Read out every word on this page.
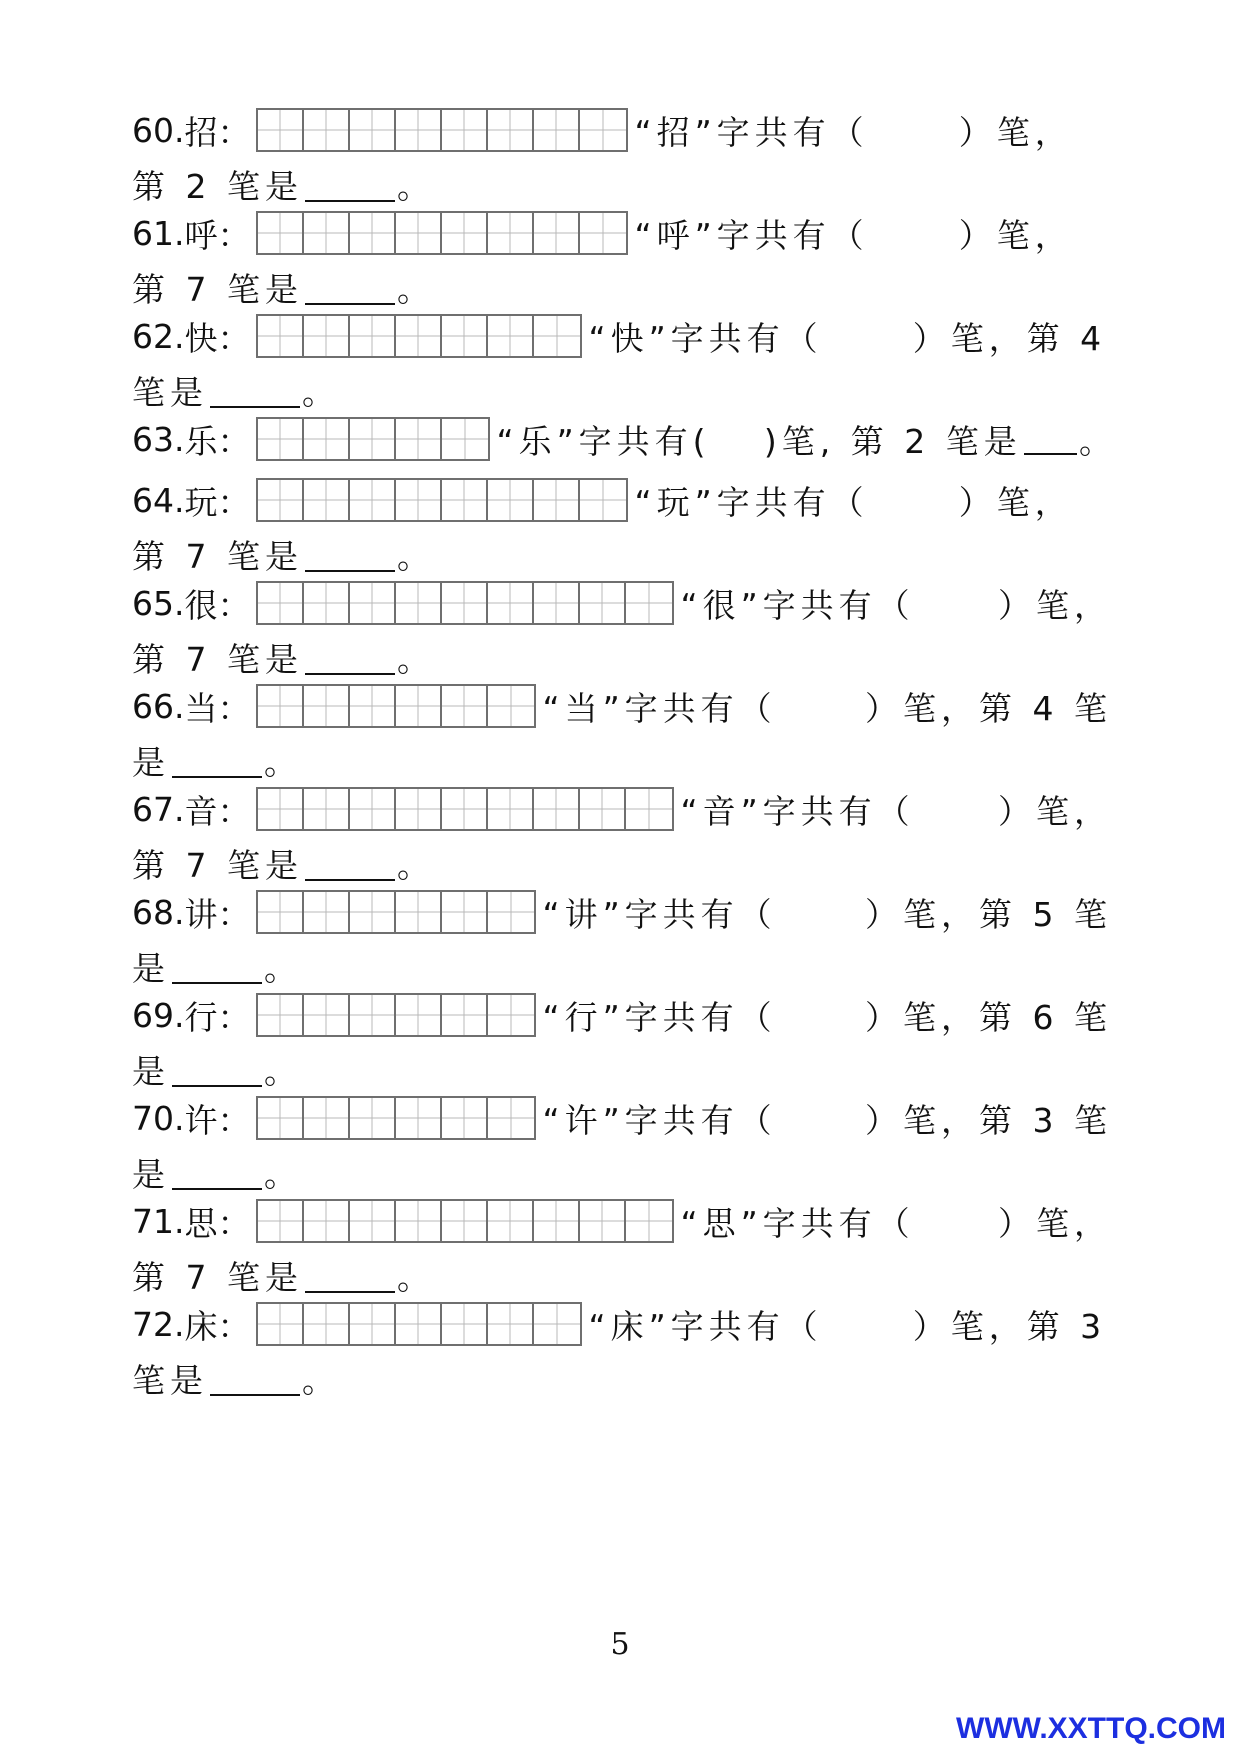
60. 招 ：	“招”字共有（	）笔，
第 2 笔是	。
61. 呼 ：	“呼”字共有（	）笔，
第 7 笔是	。
62. 快 ：	“快”字共有（	）笔，第 4
笔是	。
63. 乐 ：	“乐”字共有( )笔, 第 2 笔是 。
64. 玩 ：	“玩”字共有（	）笔，
第 7 笔是	。
65. 很 ：	“很”字共有（	）笔，
第 7 笔是	。
66. 当 ：	“当”字共有（	）笔，第 4 笔
是	。
67. 音 ：	“音”字共有（	）笔，
第 7 笔是	。
68. 讲 ：	“讲”字共有（	）笔，第 5 笔
是	。
69. 行 ：	“行”字共有（	）笔，第 6 笔
是	。
70. 许 ：	“许”字共有（	）笔，第 3 笔
是	。
71. 思 ：	“思”字共有（	）笔，
第 7 笔是	。
72. 床 ：	“床”字共有（	）笔，第 3
笔是	。
5
WWW.XXTTQ.COM
